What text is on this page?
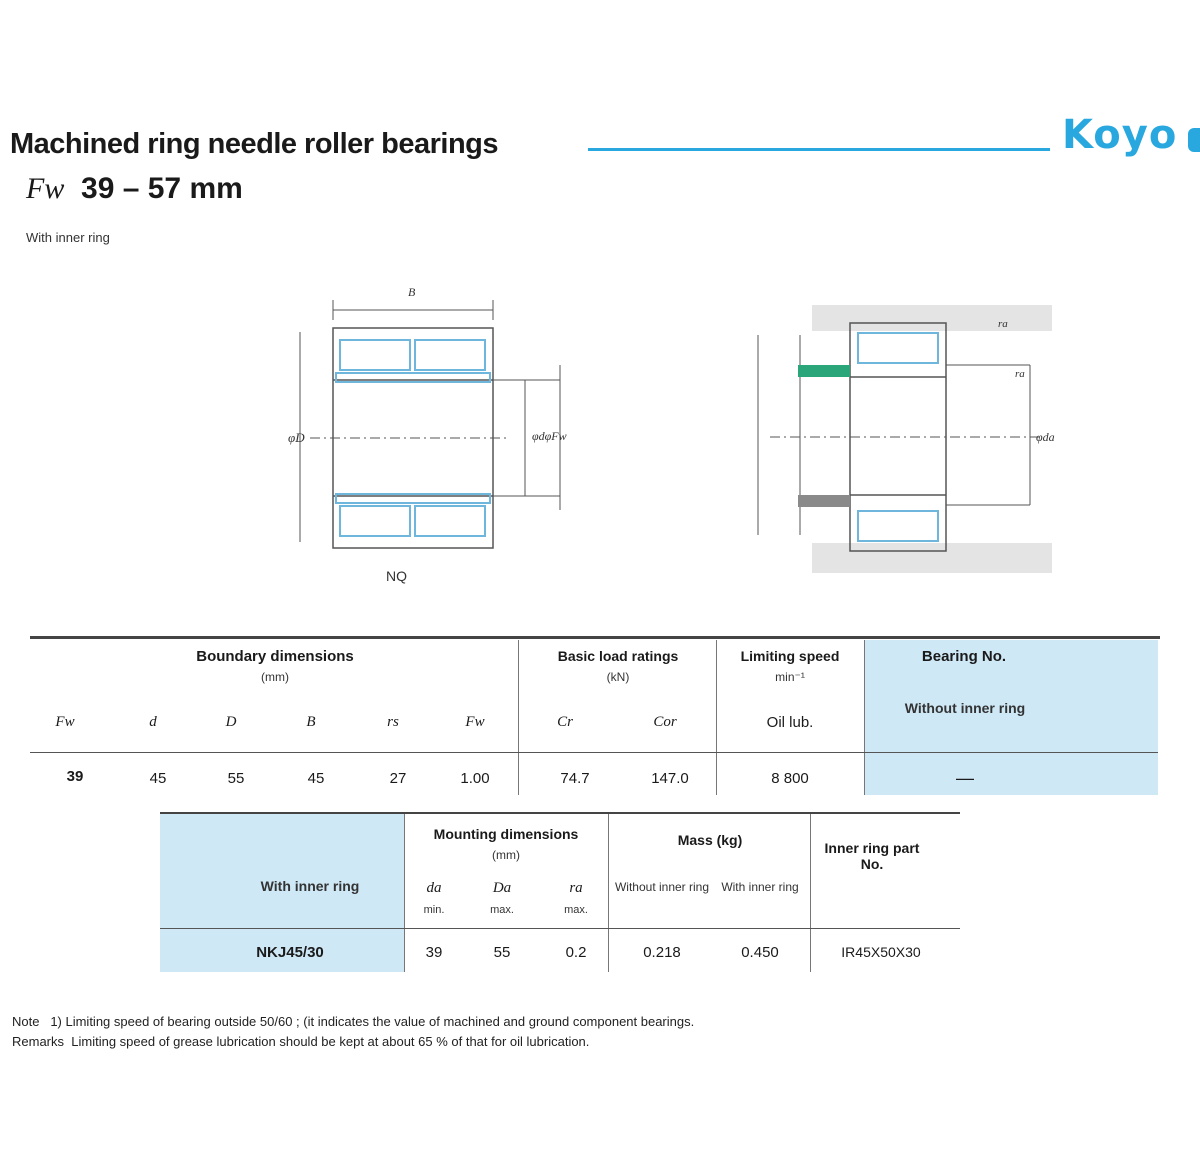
Machined ring needle roller bearings	Koyo
Fw 39 – 57 mm
With inner ring
φD
B
φdφFw
ra
ra
φda
NQ
Boundary dimensions
(mm)
Basic load ratings
(kN)
Limiting speed
min⁻¹
Bearing No.
Without inner ring
Fw	d	D	B	rs	Fw	Cr	Cor	Oil lub.
39	45	55	45	27	1.00	74.7	147.0	8 800	—
With inner ring
Mounting dimensions
(mm)
Mass (kg)	Inner ring part No.
da	Da	ra
min.	max.	max.
Without inner ring	With inner ring
NKJ45/30	39	55	0.2	0.218	0.450	IR45X50X30
Note 1) Limiting speed of bearing outside 50/60 ; (it indicates the value of machined and ground component bearings.
Remarks Limiting speed of grease lubrication should be kept at about 65 % of that for oil lubrication.
